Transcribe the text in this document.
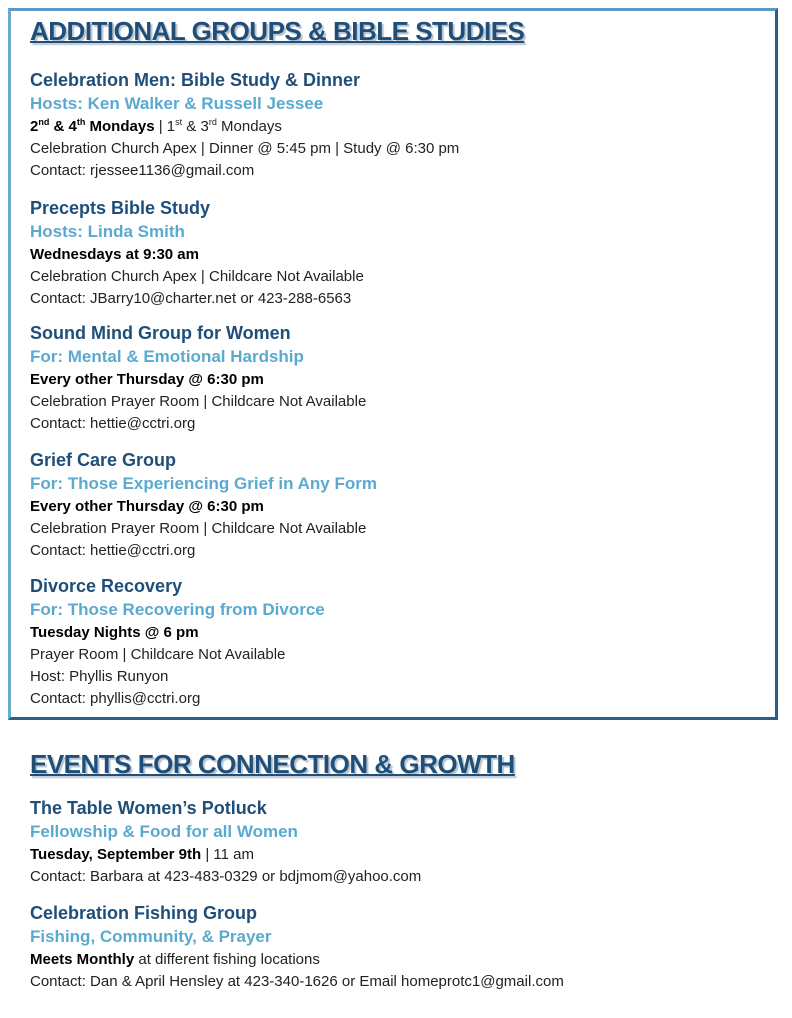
ADDITIONAL GROUPS & BIBLE STUDIES
Celebration Men: Bible Study & Dinner
Hosts: Ken Walker & Russell Jessee
2nd & 4th Mondays | 1st & 3rd Mondays
Celebration Church Apex | Dinner @ 5:45 pm | Study @ 6:30 pm
Contact: rjessee1136@gmail.com
Precepts Bible Study
Hosts: Linda Smith
Wednesdays at 9:30 am
Celebration Church Apex | Childcare Not Available
Contact: JBarry10@charter.net or 423-288-6563
Sound Mind Group for Women
For: Mental & Emotional Hardship
Every other Thursday @ 6:30 pm
Celebration Prayer Room | Childcare Not Available
Contact: hettie@cctri.org
Grief Care Group
For: Those Experiencing Grief in Any Form
Every other Thursday @ 6:30 pm
Celebration Prayer Room | Childcare Not Available
Contact: hettie@cctri.org
Divorce Recovery
For: Those Recovering from Divorce
Tuesday Nights @ 6 pm
Prayer Room | Childcare Not Available
Host: Phyllis Runyon
Contact: phyllis@cctri.org
EVENTS FOR CONNECTION & GROWTH
The Table Women’s Potluck
Fellowship & Food for all Women
Tuesday, September 9th | 11 am
Contact: Barbara at 423-483-0329 or bdjmom@yahoo.com
Celebration Fishing Group
Fishing, Community, & Prayer
Meets Monthly at different fishing locations
Contact: Dan & April Hensley at 423-340-1626 or Email homeprotc1@gmail.com
